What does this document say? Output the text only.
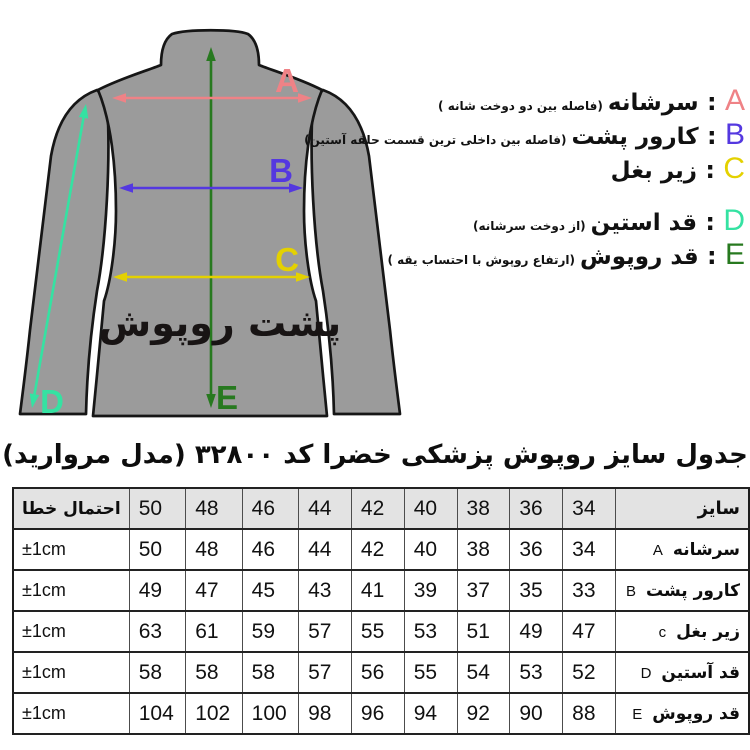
E
A
B
C
D
پشت روپوش
(فاصله بین دو دوخت شانه ) سرشانه : A
(فاصله بین داخلی ترین قسمت حلقه آستین) کارور پشت : B
زیر بغل : C
(از دوخت سرشانه) قد استین : D
(ارتفاع روپوش با احتساب یقه ) قد روپوش : E
جدول سایز روپوش پزشکی خضرا کد ۳۲۸۰۰ (مدل مروارید)
سایز	34	36	38	40	42	44	46	48	50	احتمال خطا
سرشانهA	34	36	38	40	42	44	46	48	50	±1cm
کارور پشتB	33	35	37	39	41	43	45	47	49	±1cm
زیر بغلc	47	49	51	53	55	57	59	61	63	±1cm
قد آستینD	52	53	54	55	56	57	58	58	58	±1cm
قد روپوشE	88	90	92	94	96	98	100	102	104	±1cm
